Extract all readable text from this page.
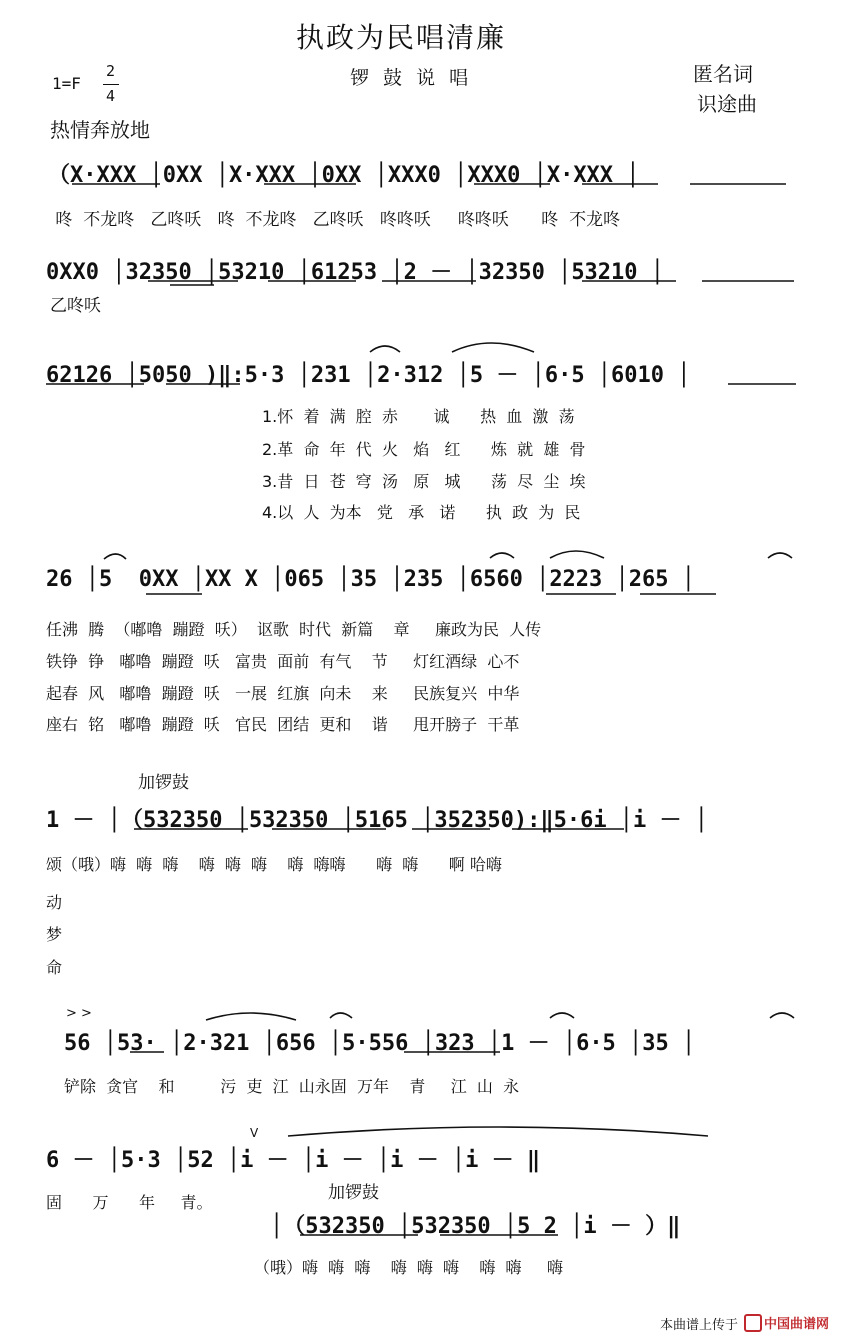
执政为民唱清廉
锣 鼓 说 唱	匿名词
识途曲
1=F
2
4
热情奔放地
（X·XXX │0XX │X·XXX │0XX │XXX0 │XXX0 │X·XXX │
咚  不龙咚   乙咚㕭   咚  不龙咚   乙咚㕭   咚咚㕭     咚咚㕭      咚  不龙咚
0XX0 │32350 │53210 │61253 │2 － │32350 │53210 │
乙咚㕭
62126 │5050 )‖:5·3 │231 │2·312 │5 － │6·5 │6010 │
1.怀  着  满  腔  赤       诚      热  血  激  荡
2.革  命  年  代  火   焰   红      炼  就  雄  骨
3.昔  日  苍  穹  汤   原   城      荡  尽  尘  埃
4.以  人  为本   党   承   诺      执  政  为  民
26 │5  0XX │XX X │065 │35 │235 │6560 │2223 │265 │
任沸  腾  （嘟噜  蹦蹬  㕭）  讴歌  时代  新篇    章     廉政为民  人传
铁铮  铮   嘟噜  蹦蹬  㕭   富贵  面前  有气    节     灯红酒绿  心不
起春  风   嘟噜  蹦蹬  㕭   一展  红旗  向未    来     民族复兴  中华
座右  铭   嘟噜  蹦蹬  㕭   官民  团结  更和    谐     甩开膀子  干革
加锣鼓
1 － │（532350 │532350 │5165 │352350):‖5·6i │i － │
颂（哦）嗨  嗨  嗨    嗨  嗨  嗨    嗨  嗨嗨      嗨  嗨      啊 哈嗨
动
梦
命
> >
56 │53· │2·321 │656 │5·556 │323 │1 － │6·5 │35 │
铲除  贪官    和         污  吏  江  山永固  万年    青     江  山  永
V
6 － │5·3 │52 │i － │i － │i － │i － ‖
固      万      年     青。	加锣鼓
│（532350 │532350 │5 2 │i － ）‖
（哦）嗨  嗨  嗨    嗨  嗨  嗨    嗨  嗨     嗨
本曲谱上传于 中国曲谱网
